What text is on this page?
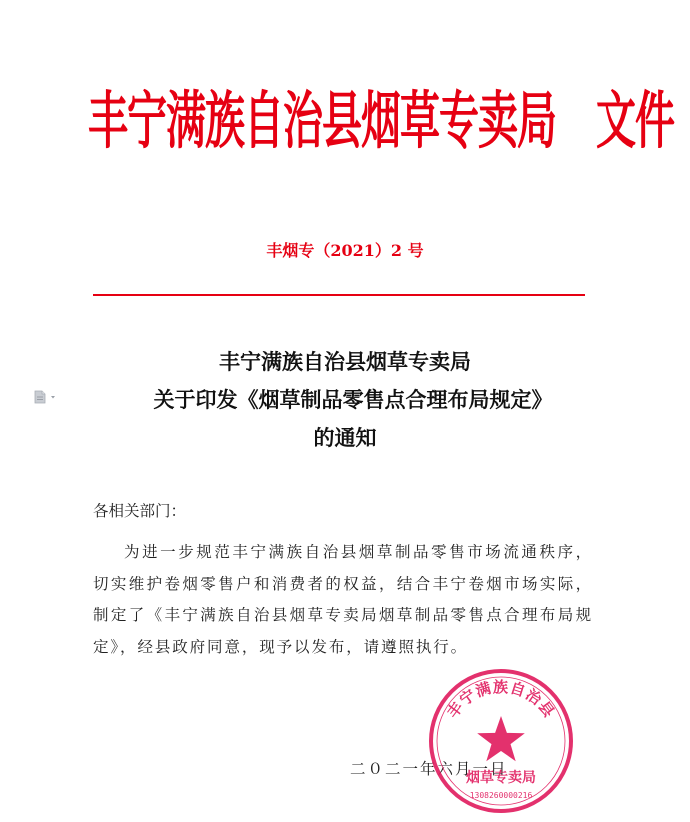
丰宁满族自治县烟草专卖局 文件
丰烟专（2021）2 号
丰宁满族自治县烟草专卖局
关于印发《烟草制品零售点合理布局规定》
的通知
各相关部门：
为进一步规范丰宁满族自治县烟草制品零售市场流通秩序，切实维护卷烟零售户和消费者的权益，结合丰宁卷烟市场实际，制定了《丰宁满族自治县烟草专卖局烟草制品零售点合理布局规定》，经县政府同意，现予以发布，请遵照执行。
二０二一年六月一日
丰宁满族自治县
烟草专卖局
1308260000216
